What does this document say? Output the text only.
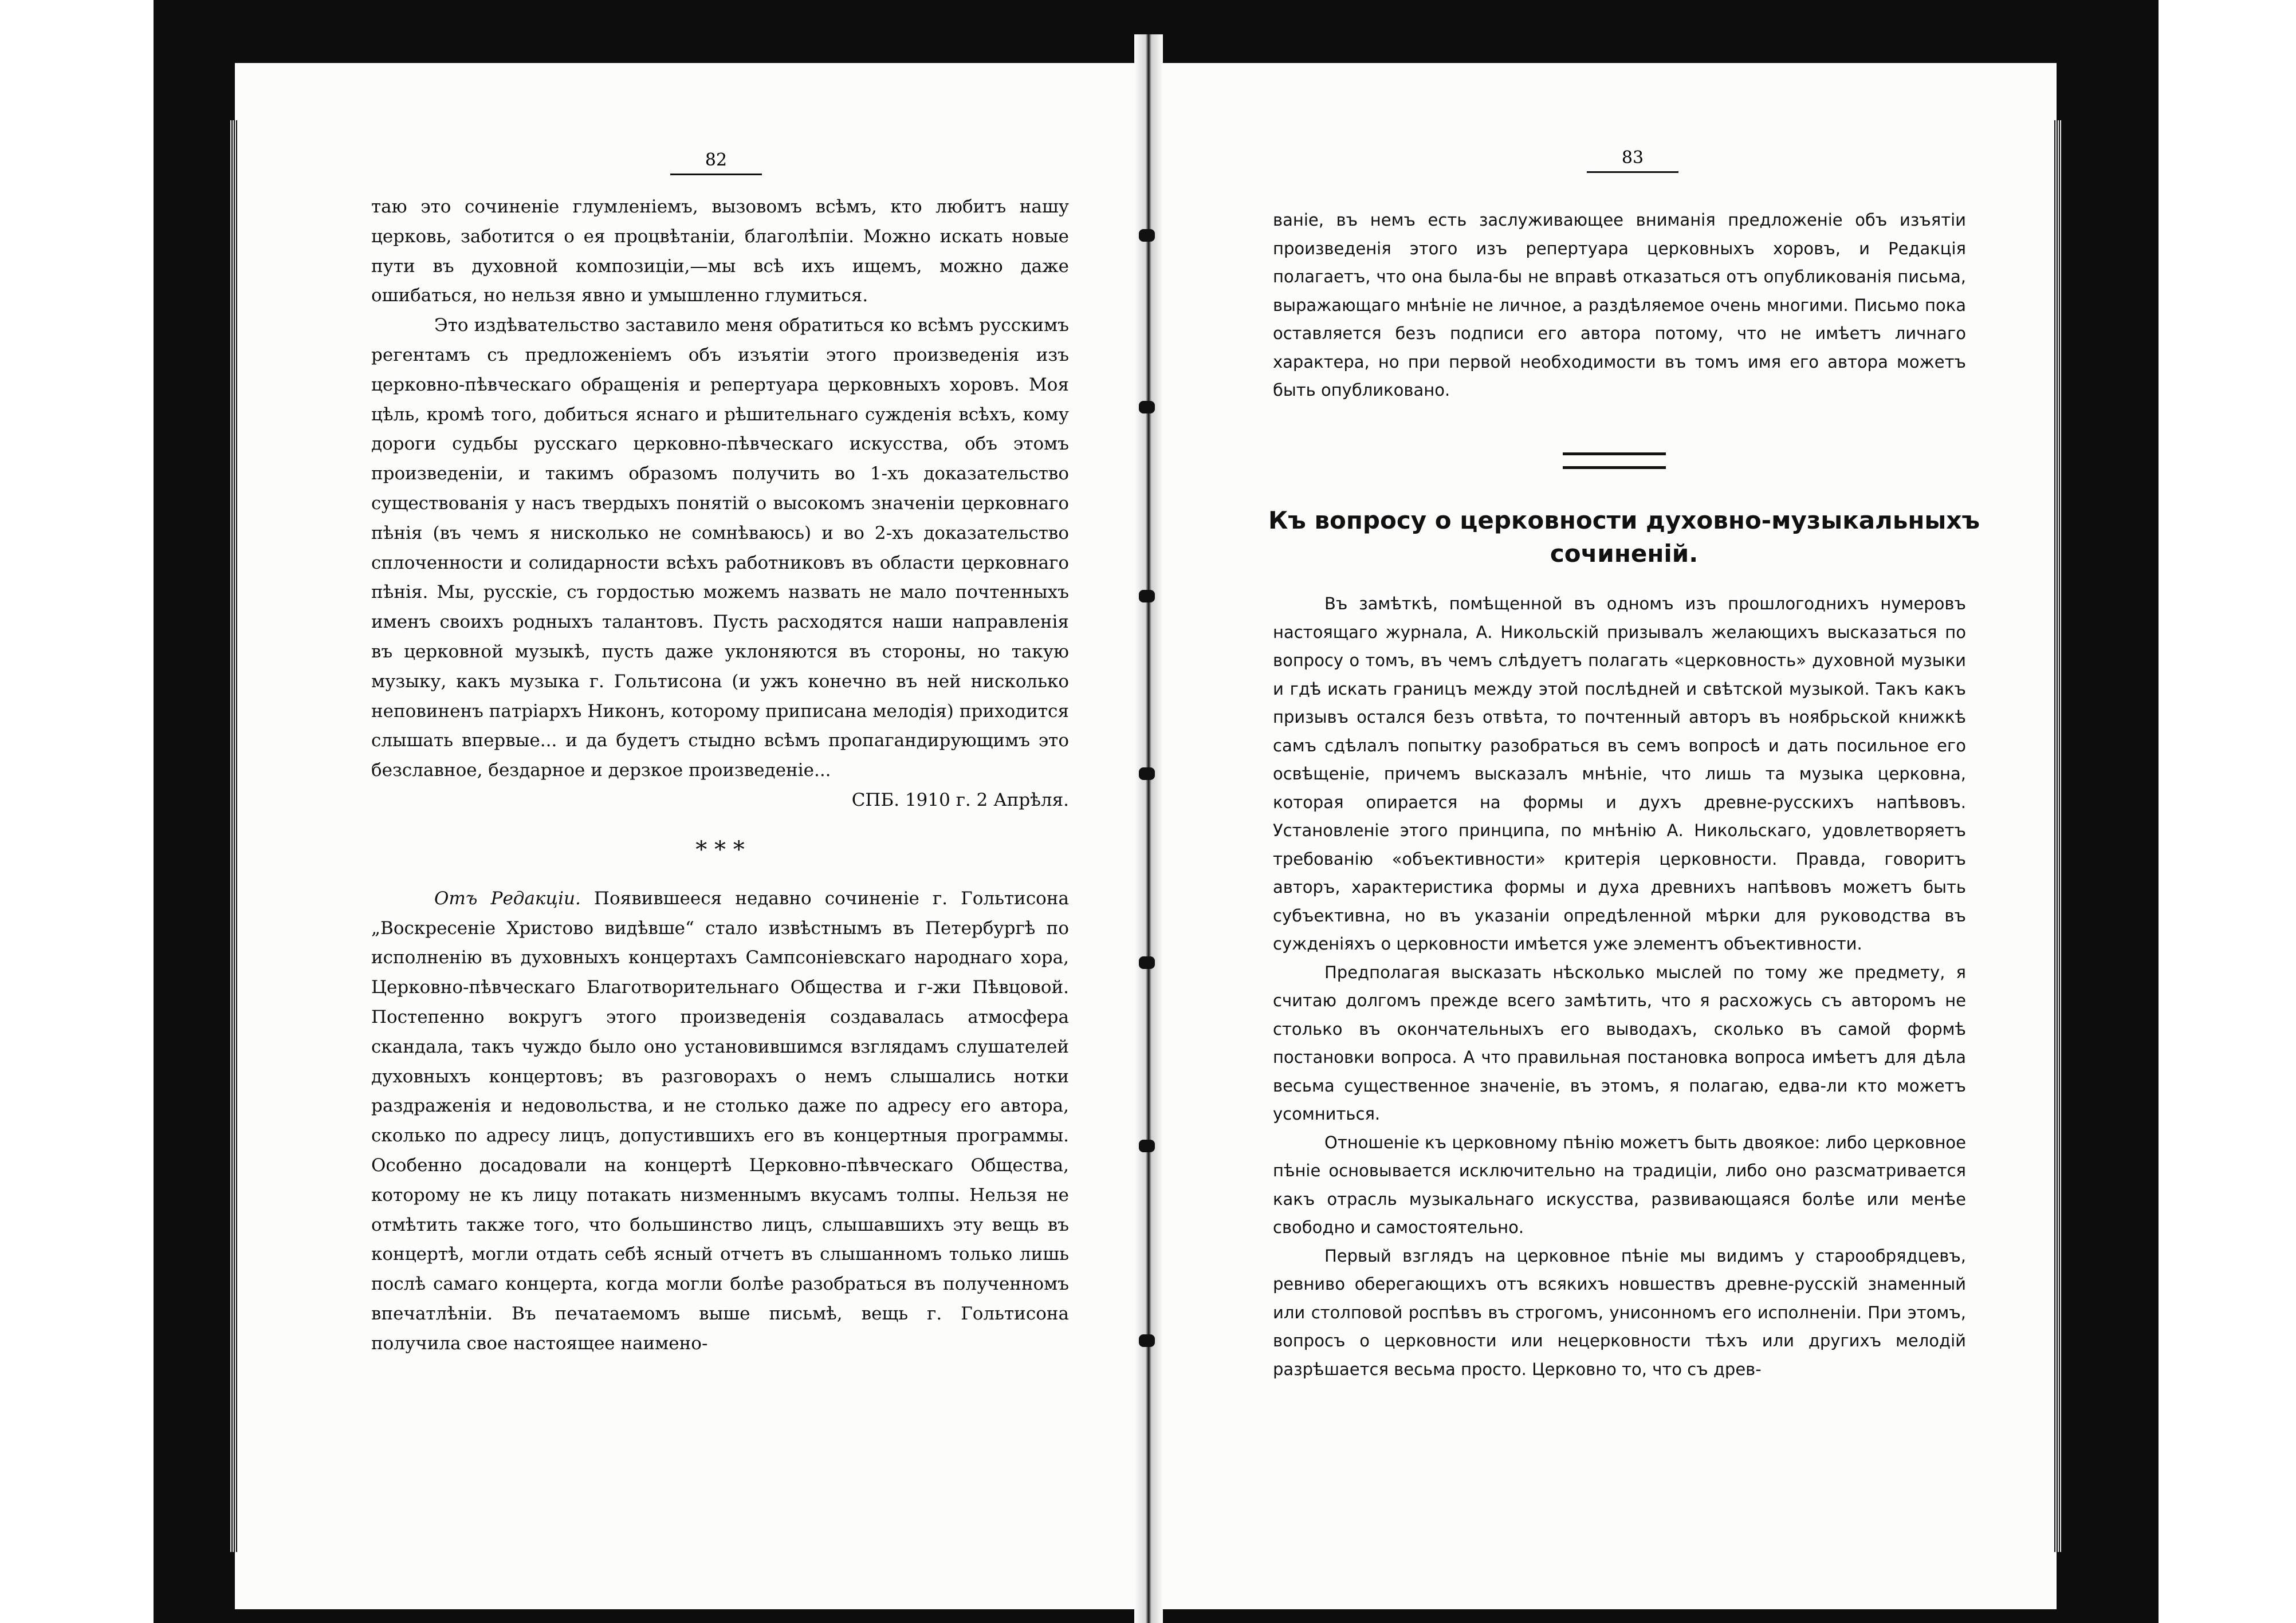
82

таю это сочиненіе глумленіемъ, вызовомъ всѣмъ, кто любитъ нашу церковь, заботится о ея процвѣтаніи, благолѣпіи. Можно искать новые пути въ духовной композиціи,—мы всѣ ихъ ищемъ, можно даже ошибаться, но нельзя явно и умышленно глумиться.

Это издѣвательство заставило меня обратиться ко всѣмъ русскимъ регентамъ съ предложеніемъ объ изъятіи этого произведенія изъ церковно-пѣвческаго обращенія и репертуара церковныхъ хоровъ. Моя цѣль, кромѣ того, добиться яснаго и рѣшительнаго сужденія всѣхъ, кому дороги судьбы русскаго церковно-пѣвческаго искусства, объ этомъ произведеніи, и такимъ образомъ получить во 1-хъ доказательство существованія у насъ твердыхъ понятій о высокомъ значеніи церковнаго пѣнія (въ чемъ я нисколько не сомнѣваюсь) и во 2-хъ доказательство сплоченности и солидарности всѣхъ работниковъ въ области церковнаго пѣнія. Мы, русскіе, съ гордостью можемъ назвать не мало почтенныхъ именъ своихъ родныхъ талантовъ. Пусть расходятся наши направленія въ церковной музыкѣ, пусть даже уклоняются въ стороны, но такую музыку, какъ музыка г. Гольтисона (и ужъ конечно въ ней нисколько неповиненъ патріархъ Никонъ, которому приписана мелодія) приходится слышать впервые... и да будетъ стыдно всѣмъ пропагандирующимъ это безславное, бездарное и дерзкое произведеніе...

СПБ. 1910 г. 2 Апрѣля.

* * *

Отъ Редакціи. Появившееся недавно сочиненіе г. Гольтисона „Воскресеніе Христово видѣвше“ стало извѣстнымъ въ Петербургѣ по исполненію въ духовныхъ концертахъ Сампсоніевскаго народнаго хора, Церковно-пѣвческаго Благотворительнаго Общества и г-жи Пѣвцовой. Постепенно вокругъ этого произведенія создавалась атмосфера скандала, такъ чуждо было оно установившимся взглядамъ слушателей духовныхъ концертовъ; въ разговорахъ о немъ слышались нотки раздраженія и недовольства, и не столько даже по адресу его автора, сколько по адресу лицъ, допустившихъ его въ концертныя программы. Особенно досадовали на концертѣ Церковно-пѣвческаго Общества, которому не къ лицу потакать низменнымъ вкусамъ толпы. Нельзя не отмѣтить также того, что большинство лицъ, слышавшихъ эту вещь въ концертѣ, могли отдать себѣ ясный отчетъ въ слышанномъ только лишь послѣ самаго концерта, когда могли болѣе разобраться въ полученномъ впечатлѣніи. Въ печатаемомъ выше письмѣ, вещь г. Гольтисона получила свое настоящее наимено-

83

ваніе, въ немъ есть заслуживающее вниманія предложеніе объ изъятіи произведенія этого изъ репертуара церковныхъ хоровъ, и Редакція полагаетъ, что она была-бы не вправѣ отказаться отъ опубликованія письма, выражающаго мнѣніе не личное, а раздѣляемое очень многими. Письмо пока оставляется безъ подписи его автора потому, что не имѣетъ личнаго характера, но при первой необходимости въ томъ имя его автора можетъ быть опубликовано.

Къ вопросу о церковности духовно-музыкальныхъ
сочиненій.

Въ замѣткѣ, помѣщенной въ одномъ изъ прошлогоднихъ нумеровъ настоящаго журнала, А. Никольскій призывалъ желающихъ высказаться по вопросу о томъ, въ чемъ слѣдуетъ полагать «церковность» духовной музыки и гдѣ искать границъ между этой послѣдней и свѣтской музыкой. Такъ какъ призывъ остался безъ отвѣта, то почтенный авторъ въ ноябрьской книжкѣ самъ сдѣлалъ попытку разобраться въ семъ вопросѣ и дать посильное его освѣщеніе, причемъ высказалъ мнѣніе, что лишь та музыка церковна, которая опирается на формы и духъ древне-русскихъ напѣвовъ. Установленіе этого принципа, по мнѣнію А. Никольскаго, удовлетворяетъ требованію «объективности» критерія церковности. Правда, говоритъ авторъ, характеристика формы и духа древнихъ напѣвовъ можетъ быть субъективна, но въ указаніи опредѣленной мѣрки для руководства въ сужденіяхъ о церковности имѣется уже элементъ объективности.

Предполагая высказать нѣсколько мыслей по тому же предмету, я считаю долгомъ прежде всего замѣтить, что я расхожусь съ авторомъ не столько въ окончательныхъ его выводахъ, сколько въ самой формѣ постановки вопроса. А что правильная постановка вопроса имѣетъ для дѣла весьма существенное значеніе, въ этомъ, я полагаю, едва-ли кто можетъ усомниться.

Отношеніе къ церковному пѣнію можетъ быть двоякое: либо церковное пѣніе основывается исключительно на традиціи, либо оно разсматривается какъ отрасль музыкальнаго искусства, развивающаяся болѣе или менѣе свободно и самостоятельно.

Первый взглядъ на церковное пѣніе мы видимъ у старообрядцевъ, ревниво оберегающихъ отъ всякихъ новшествъ древне-русскій знаменный или столповой роспѣвъ въ строгомъ, унисонномъ его исполненіи. При этомъ, вопросъ о церковности или нецерковности тѣхъ или другихъ мелодій разрѣшается весьма просто. Церковно то, что съ древ-
